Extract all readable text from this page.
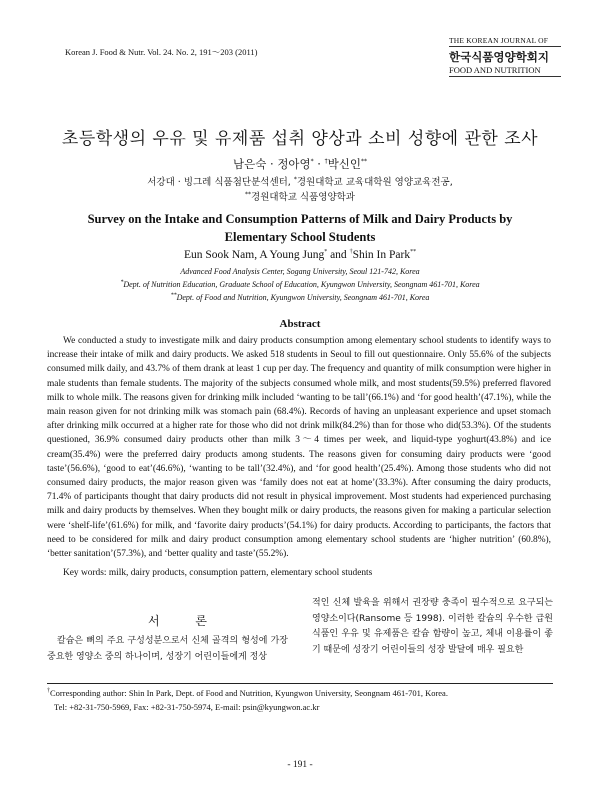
Korean J. Food & Nutr. Vol. 24. No. 2, 191～203 (2011)
THE KOREAN JOURNAL OF
한국식품영양학회지
FOOD AND NUTRITION
초등학생의 우유 및 유제품 섭취 양상과 소비 성향에 관한 조사
남은숙 · 정아영* · †박신인**
서강대 · 빙그레 식품첨단분석센터, *경원대학교 교육대학원 영양교육전공,
**경원대학교 식품영양학과
Survey on the Intake and Consumption Patterns of Milk and Dairy Products by
Elementary School Students
Eun Sook Nam, A Young Jung* and †Shin In Park**
Advanced Food Analysis Center, Sogang University, Seoul 121-742, Korea
*Dept. of Nutrition Education, Graduate School of Education, Kyungwon University, Seongnam 461-701, Korea
**Dept. of Food and Nutrition, Kyungwon University, Seongnam 461-701, Korea
Abstract

We conducted a study to investigate milk and dairy products consumption among elementary school students to identify ways to increase their intake of milk and dairy products. We asked 518 students in Seoul to fill out questionnaire. Only 55.6% of the subjects consumed milk daily, and 43.7% of them drank at least 1 cup per day. The frequency and quantity of milk consumption were higher in male students than female students. The majority of the subjects consumed whole milk, and most students(59.5%) preferred flavored milk to whole milk. The reasons given for drinking milk included ‘wanting to be tall’(66.1%) and ‘for good health’(47.1%), while the main reason given for not drinking milk was stomach pain (68.4%). Records of having an unpleasant experience and upset stomach after drinking milk occurred at a higher rate for those who did not drink milk(84.2%) than for those who did(53.3%). Of the students questioned, 36.9% consumed dairy products other than milk 3～4 times per week, and liquid-type yoghurt(43.8%) and ice cream(35.4%) were the preferred dairy products among students. The reasons given for consuming dairy products were ‘good taste’(56.6%), ‘good to eat’(46.6%), ‘wanting to be tall’(32.4%), and ‘for good health’(25.4%). Among those students who did not consumed dairy products, the major reason given was ‘family does not eat at home’(33.3%). After consuming the dairy products, 71.4% of participants thought that dairy products did not result in physical improvement. Most students had experienced purchasing milk and dairy products by themselves. When they bought milk or dairy products, the reasons given for making a particular selection were ‘shelf-life’(61.6%) for milk, and ‘favorite dairy products’(54.1%) for dairy products. According to participants, the factors that need to be considered for milk and dairy product consumption among elementary school students are ‘higher nutrition’ (60.8%), ‘better sanitation’(57.3%), and ‘better quality and taste’(55.2%).

Key words: milk, dairy products, consumption pattern, elementary school students
서 론

칼슘은 뼈의 주요 구성성분으로서 신체 골격의 형성에 가장 중요한 영양소 중의 하나이며, 성장기 어린이들에게 정상

적인 신체 발육을 위해서 권장량 충족이 필수적으로 요구되는 영양소이다(Ransome 등 1998). 이러한 칼슘의 우수한 급원 식품인 우유 및 유제품은 칼슘 함량이 높고, 체내 이용률이 좋기 때문에 성장기 어린이들의 성장 발달에 매우 필요한

†Corresponding author: Shin In Park, Dept. of Food and Nutrition, Kyungwon University, Seongnam 461-701, Korea.

Tel: +82-31-750-5969, Fax: +82-31-750-5974, E-mail: psin@kyungwon.ac.kr

- 191 -
